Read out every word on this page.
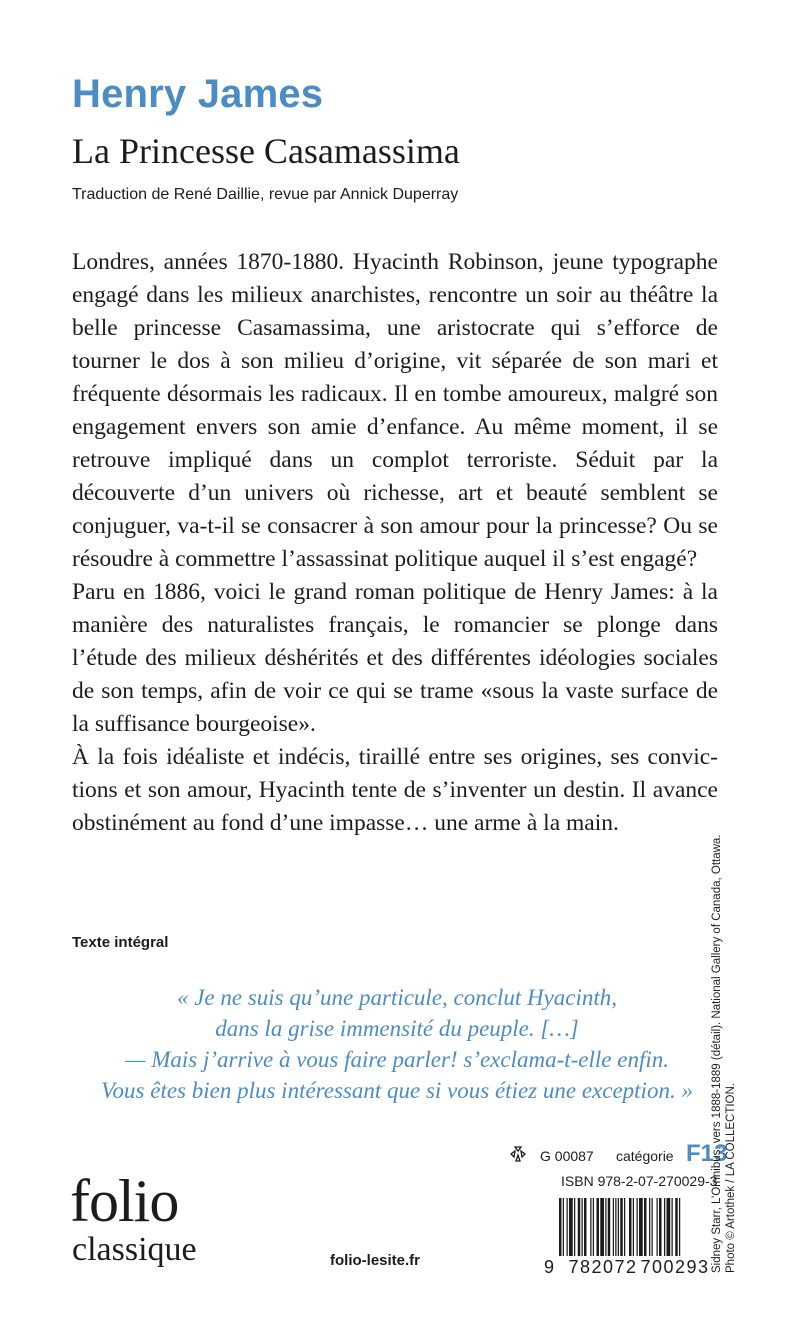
Henry James
La Princesse Casamassima
Traduction de René Daillie, revue par Annick Duperray

Londres, années 1870-1880. Hyacinth Robinson, jeune typographe engagé dans les milieux anarchistes, rencontre un soir au théâtre la belle princesse Casamassima, une aristocrate qui s’efforce de tourner le dos à son milieu d’origine, vit séparée de son mari et fréquente désormais les radicaux. Il en tombe amoureux, malgré son engagement envers son amie d’enfance. Au même moment, il se retrouve impliqué dans un complot terroriste. Séduit par la découverte d’un univers où richesse, art et beauté semblent se conjuguer, va-t-il se consacrer à son amour pour la princesse? Ou se résoudre à commettre l’assassinat politique auquel il s’est engagé?

Paru en 1886, voici le grand roman politique de Henry James: à la manière des naturalistes français, le romancier se plonge dans l’étude des milieux déshérités et des différentes idéologies sociales de son temps, afin de voir ce qui se trame «sous la vaste surface de la suffisance bourgeoise».

À la fois idéaliste et indécis, tiraillé entre ses origines, ses convictions et son amour, Hyacinth tente de s’inventer un destin. Il avance obstinément au fond d’une impasse… une arme à la main.

Texte intégral
« Je ne suis qu’une particule, conclut Hyacinth,
dans la grise immensité du peuple. […]
— Mais j’arrive à vous faire parler! s’exclama-t-elle enfin.
Vous êtes bien plus intéressant que si vous étiez une exception. »
folio
classique	folio-lesite.fr
G 00087 catégorie F13
ISBN 978-2-07-270029-3
9 782072 700293 Sidney Starr, L’Omnibus, vers 1888-1889 (détail). National Gallery of Canada, Ottawa. Photo © Artothek / LA COLLECTION.
